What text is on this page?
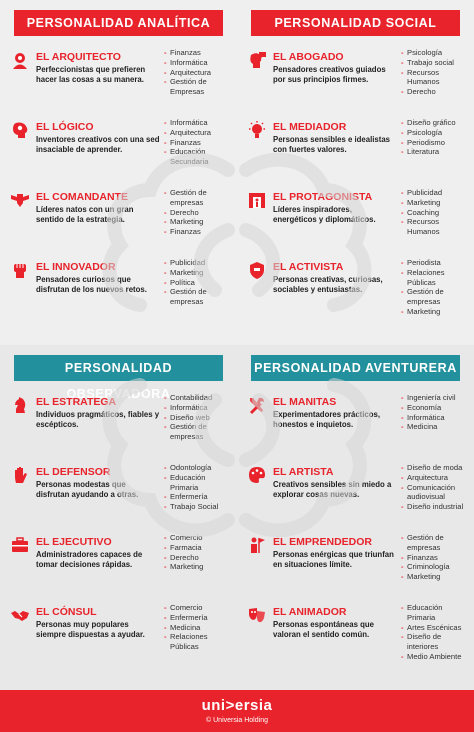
PERSONALIDAD ANALÍTICA
EL ARQUITECTO
Perfeccionistas que prefieren hacer las cosas a su manera.
- Finanzas
- Informática
- Arquitectura
- Gestión de Empresas
EL LÓGICO
Inventores creativos con una sed insaciable de aprender.
- Informática
- Arquitectura
- Finanzas
- Educación Secundaria
EL COMANDANTE
Líderes natos con un gran sentido de la estrategia.
- Gestión de empresas
- Derecho
- Marketing
- Finanzas
EL INNOVADOR
Pensadores curiosos que disfrutan de los nuevos retos.
- Publicidad
- Marketing
- Política
- Gestión de empresas
PERSONALIDAD SOCIAL
EL ABOGADO
Pensadores creativos guiados por sus principios firmes.
- Psicología
- Trabajo social
- Recursos Humanos
- Derecho
EL MEDIADOR
Personas sensibles e idealistas con fuertes valores.
- Diseño gráfico
- Psicología
- Periodismo
- Literatura
EL PROTAGONISTA
Líderes inspiradores, energéticos y diplomáticos.
- Publicidad
- Marketing
- Coaching
- Recursos Humanos
EL ACTIVISTA
Personas creativas, curiosas, sociables y entusiastas.
- Periodista
- Relaciones Públicas
- Gestión de empresas
- Marketing
PERSONALIDAD OBSERVADORA
EL ESTRATEGA
Individuos pragmáticos, fiables y escépticos.
- Contabilidad
- Informática
- Diseño web
- Gestión de empresas
EL DEFENSOR
Personas modestas que disfrutan ayudando a otras.
- Odontología
- Educación Primaria
- Enfermería
- Trabajo Social
EL EJECUTIVO
Administradores capaces de tomar decisiones rápidas.
- Comercio
- Farmacia
- Derecho
- Marketing
EL CÓNSUL
Personas muy populares siempre dispuestas a ayudar.
- Comercio
- Enfermería
- Medicina
- Relaciones Públicas
PERSONALIDAD AVENTURERA
EL MANITAS
Experimentadores prácticos, honestos e inquietos.
- Ingeniería civil
- Economía
- Informática
- Medicina
EL ARTISTA
Creativos sensibles sin miedo a explorar cosas nuevas.
- Diseño de moda
- Arquitectura
- Comunicación audiovisual
- Diseño industrial
EL EMPRENDEDOR
Personas enérgicas que triunfan en situaciones límite.
- Gestión de empresas
- Finanzas
- Criminología
- Marketing
EL ANIMADOR
Personas espontáneas que valoran el sentido común.
- Educación Primaria
- Artes Escénicas
- Diseño de interiores
- Medio Ambiente
uni>ersia
© Universia Holding
